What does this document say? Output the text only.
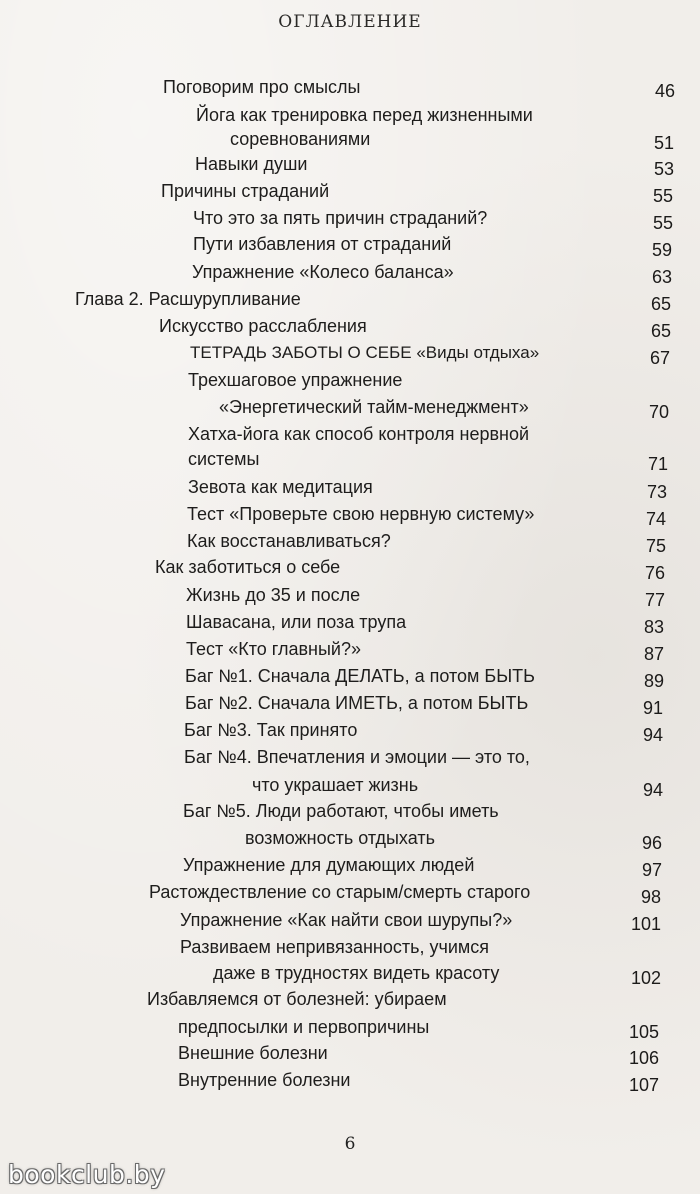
ОГЛАВЛЕНИЕ
Поговорим про смыслы	46
Йога как тренировка перед жизненными
соревнованиями	51
Навыки души	53
Причины страданий	55
Что это за пять причин страданий?	55
Пути избавления от страданий	59
Упражнение «Колесо баланса»	63
Глава 2. Расшурупливание	65
Искусство расслабления	65
ТЕТРАДЬ ЗАБОТЫ О СЕБЕ «Виды отдыха»	67
Трехшаговое упражнение
«Энергетический тайм-менеджмент»	70
Хатха-йога как способ контроля нервной
системы	71
Зевота как медитация	73
Тест «Проверьте свою нервную систему»	74
Как восстанавливаться?	75
Как заботиться о себе	76
Жизнь до 35 и после	77
Шавасана, или поза трупа	83
Тест «Кто главный?»	87
Баг №1. Сначала ДЕЛАТЬ, а потом БЫТЬ	89
Баг №2. Сначала ИМЕТЬ, а потом БЫТЬ	91
Баг №3. Так принято	94
Баг №4. Впечатления и эмоции — это то,
что украшает жизнь	94
Баг №5. Люди работают, чтобы иметь
возможность отдыхать	96
Упражнение для думающих людей	97
Растождествление со старым/смерть старого	98
Упражнение «Как найти свои шурупы?»	101
Развиваем непривязанность, учимся
даже в трудностях видеть красоту	102
Избавляемся от болезней: убираем
предпосылки и первопричины	105
Внешние болезни	106
Внутренние болезни	107
6
bookclub.by
